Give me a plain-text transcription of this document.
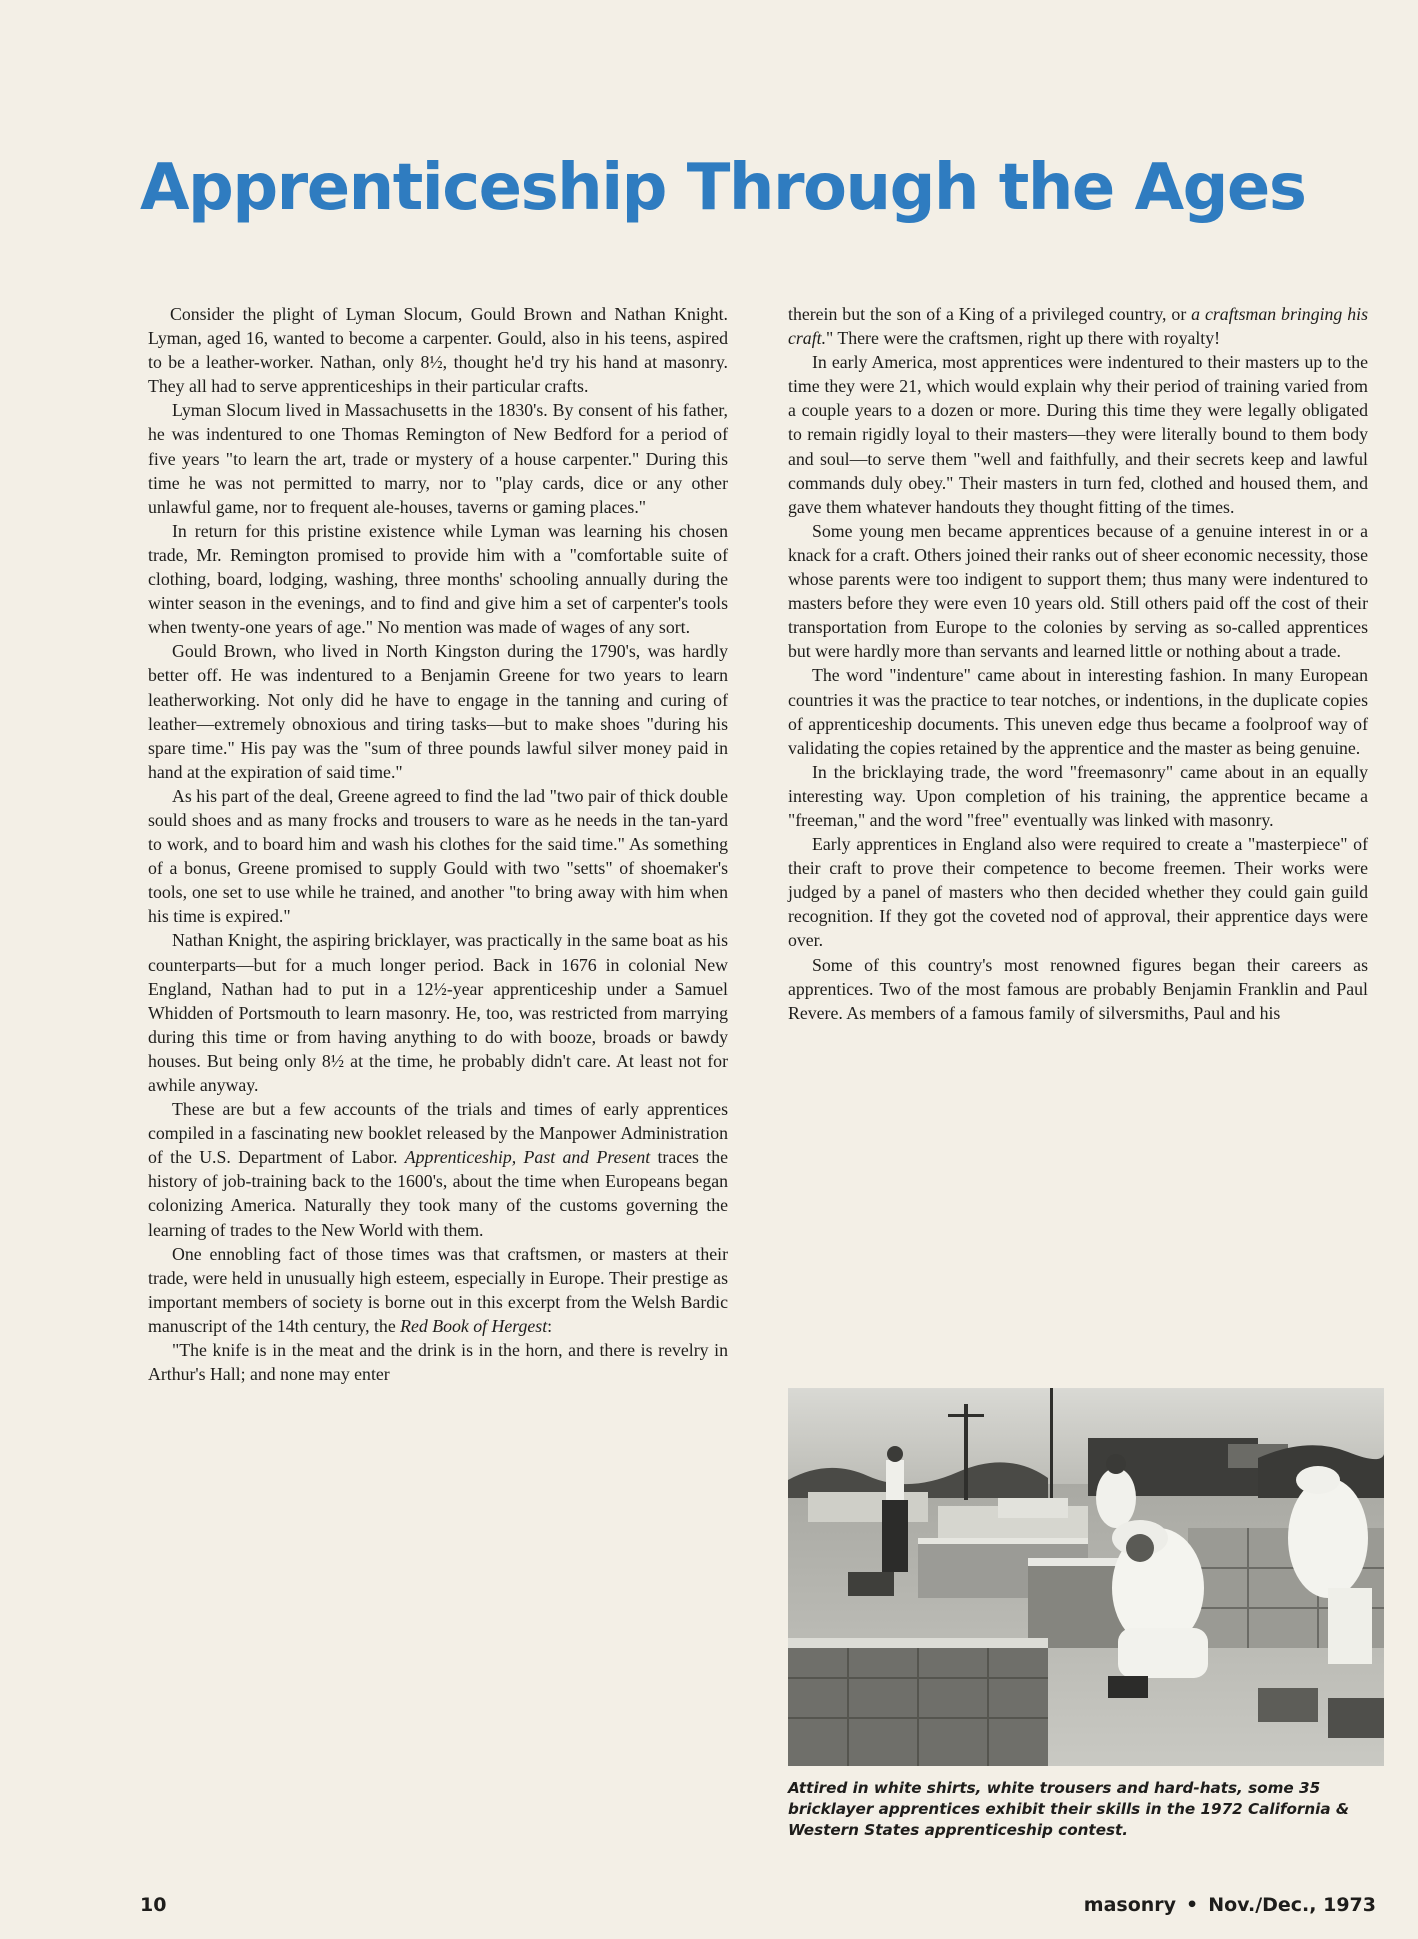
Apprenticeship Through the Ages

Consider the plight of Lyman Slocum, Gould Brown and Nathan Knight. Lyman, aged 16, wanted to become a carpenter. Gould, also in his teens, aspired to be a leather-worker. Nathan, only 8½, thought he'd try his hand at masonry. They all had to serve apprenticeships in their particular crafts.

Lyman Slocum lived in Massachusetts in the 1830's. By consent of his father, he was indentured to one Thomas Remington of New Bedford for a period of five years "to learn the art, trade or mystery of a house carpenter." During this time he was not permitted to marry, nor to "play cards, dice or any other unlawful game, nor to frequent ale-houses, taverns or gaming places."

In return for this pristine existence while Lyman was learning his chosen trade, Mr. Remington promised to provide him with a "comfortable suite of clothing, board, lodging, washing, three months' schooling annually during the winter season in the evenings, and to find and give him a set of carpenter's tools when twenty-one years of age." No mention was made of wages of any sort.

Gould Brown, who lived in North Kingston during the 1790's, was hardly better off. He was indentured to a Benjamin Greene for two years to learn leatherworking. Not only did he have to engage in the tanning and curing of leather—extremely obnoxious and tiring tasks—but to make shoes "during his spare time." His pay was the "sum of three pounds lawful silver money paid in hand at the expiration of said time."

As his part of the deal, Greene agreed to find the lad "two pair of thick double sould shoes and as many frocks and trousers to ware as he needs in the tan-yard to work, and to board him and wash his clothes for the said time." As something of a bonus, Greene promised to supply Gould with two "setts" of shoemaker's tools, one set to use while he trained, and another "to bring away with him when his time is expired."

Nathan Knight, the aspiring bricklayer, was practically in the same boat as his counterparts—but for a much longer period. Back in 1676 in colonial New England, Nathan had to put in a 12½-year apprenticeship under a Samuel Whidden of Portsmouth to learn masonry. He, too, was restricted from marrying during this time or from having anything to do with booze, broads or bawdy houses. But being only 8½ at the time, he probably didn't care. At least not for awhile anyway.

These are but a few accounts of the trials and times of early apprentices compiled in a fascinating new booklet released by the Manpower Administration of the U.S. Department of Labor. Apprenticeship, Past and Present traces the history of job-training back to the 1600's, about the time when Europeans began colonizing America. Naturally they took many of the customs governing the learning of trades to the New World with them.

One ennobling fact of those times was that craftsmen, or masters at their trade, were held in unusually high esteem, especially in Europe. Their prestige as important members of society is borne out in this excerpt from the Welsh Bardic manuscript of the 14th century, the Red Book of Hergest:

"The knife is in the meat and the drink is in the horn, and there is revelry in Arthur's Hall; and none may enter

therein but the son of a King of a privileged country, or a craftsman bringing his craft." There were the craftsmen, right up there with royalty!

In early America, most apprentices were indentured to their masters up to the time they were 21, which would explain why their period of training varied from a couple years to a dozen or more. During this time they were legally obligated to remain rigidly loyal to their masters—they were literally bound to them body and soul—to serve them "well and faithfully, and their secrets keep and lawful commands duly obey." Their masters in turn fed, clothed and housed them, and gave them whatever handouts they thought fitting of the times.

Some young men became apprentices because of a genuine interest in or a knack for a craft. Others joined their ranks out of sheer economic necessity, those whose parents were too indigent to support them; thus many were indentured to masters before they were even 10 years old. Still others paid off the cost of their transportation from Europe to the colonies by serving as so-called apprentices but were hardly more than servants and learned little or nothing about a trade.

The word "indenture" came about in interesting fashion. In many European countries it was the practice to tear notches, or indentions, in the duplicate copies of apprenticeship documents. This uneven edge thus became a foolproof way of validating the copies retained by the apprentice and the master as being genuine.

In the bricklaying trade, the word "freemasonry" came about in an equally interesting way. Upon completion of his training, the apprentice became a "freeman," and the word "free" eventually was linked with masonry.

Early apprentices in England also were required to create a "masterpiece" of their craft to prove their competence to become freemen. Their works were judged by a panel of masters who then decided whether they could gain guild recognition. If they got the coveted nod of approval, their apprentice days were over.

Some of this country's most renowned figures began their careers as apprentices. Two of the most famous are probably Benjamin Franklin and Paul Revere. As members of a famous family of silversmiths, Paul and his

Attired in white shirts, white trousers and hard-hats, some 35 bricklayer apprentices exhibit their skills in the 1972 California & Western States apprenticeship contest.

10	masonry • Nov./Dec., 1973
